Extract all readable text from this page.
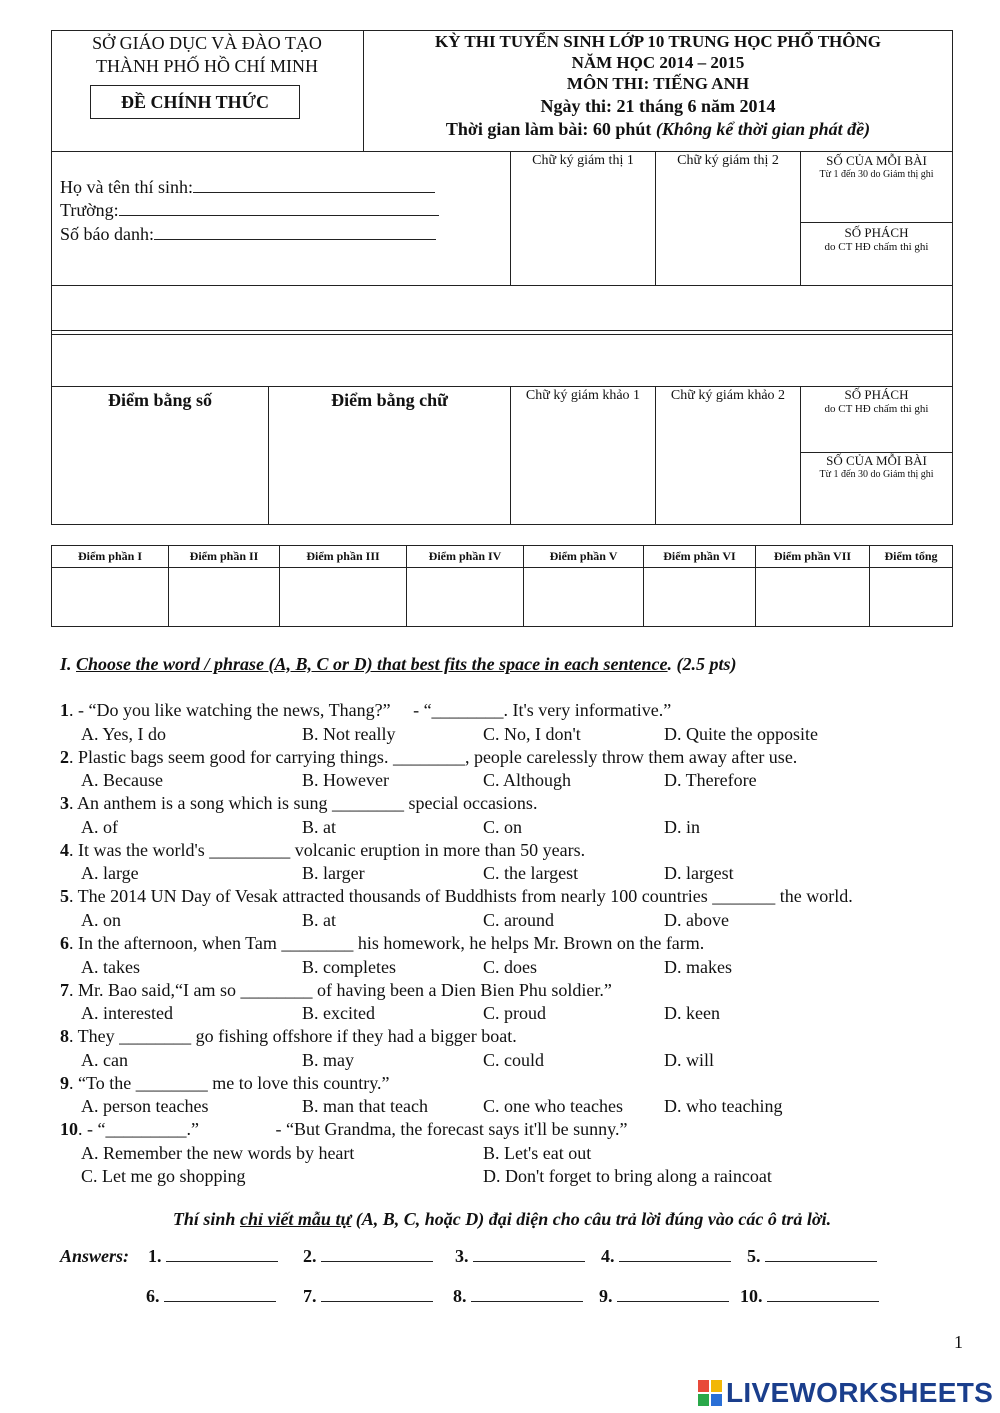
SỞ GIÁO DỤC VÀ ĐÀO TẠO
THÀNH PHỐ HỒ CHÍ MINH
ĐỀ CHÍNH THỨC
KỲ THI TUYỂN SINH LỚP 10 TRUNG HỌC PHỔ THÔNG
NĂM HỌC 2014 – 2015
MÔN THI: TIẾNG ANH
Ngày thi: 21 tháng 6 năm 2014
Thời gian làm bài: 60 phút (Không kể thời gian phát đề)
Họ và tên thí sinh:
Trường:
Số báo danh:
Chữ ký giám thị 1	Chữ ký giám thị 2	SỐ CỦA MỖI BÀI
Từ 1 đến 30 do Giám thị ghi
SỐ PHÁCH
do CT HĐ chấm thi ghi
Điểm bằng số	Điểm bằng chữ	Chữ ký giám khảo 1	Chữ ký giám khảo 2	SỐ PHÁCH
do CT HĐ chấm thi ghi
SỐ CỦA MỖI BÀI
Từ 1 đến 30 do Giám thị ghi
Điểm phần I	Điểm phần II	Điểm phần III	Điểm phần IV	Điểm phần V	Điểm phần VI	Điểm phần VII	Điểm tổng

I. Choose the word / phrase (A, B, C or D) that best fits the space in each sentence. (2.5 pts)
1. - “Do you like watching the news, Thang?”     - “________. It's very informative.”
A. Yes, I do	B. Not really	C. No, I don't	D. Quite the opposite
2. Plastic bags seem good for carrying things. ________, people carelessly throw them away after use.
A. Because	B. However	C. Although	D. Therefore
3. An anthem is a song which is sung ________ special occasions.
A. of	B. at	C. on	D. in
4. It was the world's _________ volcanic eruption in more than 50 years.
A. large	B. larger	C. the largest	D. largest
5. The 2014 UN Day of Vesak attracted thousands of Buddhists from nearly 100 countries _______ the world.
A. on	B. at	C. around	D. above
6. In the afternoon, when Tam ________ his homework, he helps Mr. Brown on the farm.
A. takes	B. completes	C. does	D. makes
7. Mr. Bao said,“I am so ________ of having been a Dien Bien Phu soldier.”
A. interested	B. excited	C. proud	D. keen
8. They ________ go fishing offshore if they had a bigger boat.
A. can	B. may	C. could	D. will
9. “To the ________ me to love this country.”
A. person teaches	B. man that teach	C. one who teaches D. who teaching
10. - “_________.”                 - “But Grandma, the forecast says it'll be sunny.”
A. Remember the new words by heart	B. Let's eat out
C. Let me go shopping	D. Don't forget to bring along a raincoat
Thí sinh chỉ viết mẫu tự (A, B, C, hoặc D) đại diện cho câu trả lời đúng vào các ô trả lời.
Answers: 1.	2.	3.	4.	5.
6.	7.	8.	9.	10.
1
LIVEWORKSHEETS
